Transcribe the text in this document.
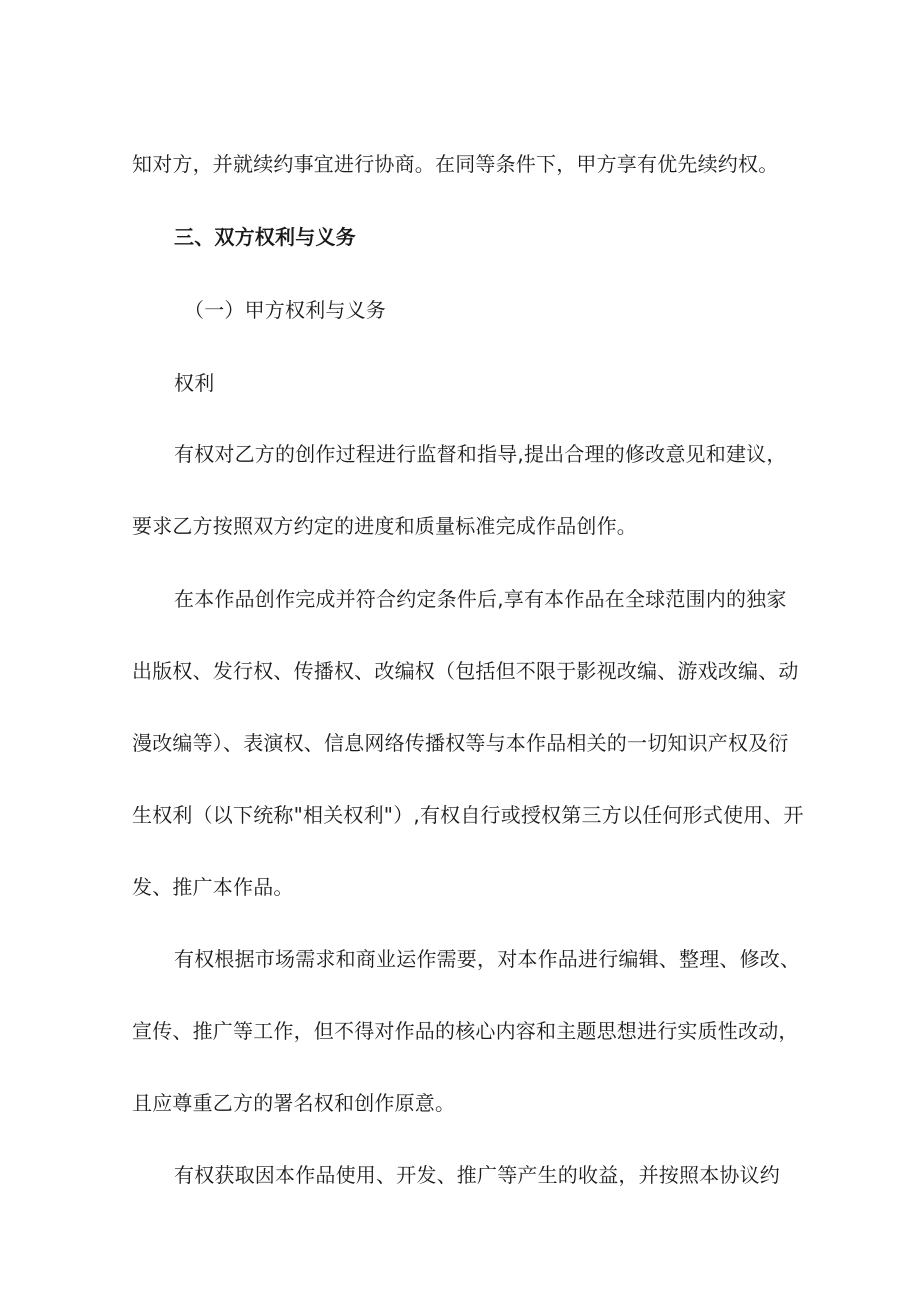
知对方，并就续约事宜进行协商。在同等条件下，甲方享有优先续约权。

三、双方权利与义务

（一）甲方权利与义务

权利

有权对乙方的创作过程进行监督和指导,提出合理的修改意见和建议，

要求乙方按照双方约定的进度和质量标准完成作品创作。

在本作品创作完成并符合约定条件后,享有本作品在全球范围内的独家

出版权、发行权、传播权、改编权（包括但不限于影视改编、游戏改编、动

漫改编等）、表演权、信息网络传播权等与本作品相关的一切知识产权及衍

生权利（以下统称"相关权利"）,有权自行或授权第三方以任何形式使用、开

发、推广本作品。

有权根据市场需求和商业运作需要，对本作品进行编辑、整理、修改、

宣传、推广等工作，但不得对作品的核心内容和主题思想进行实质性改动，

且应尊重乙方的署名权和创作原意。

有权获取因本作品使用、开发、推广等产生的收益，并按照本协议约
